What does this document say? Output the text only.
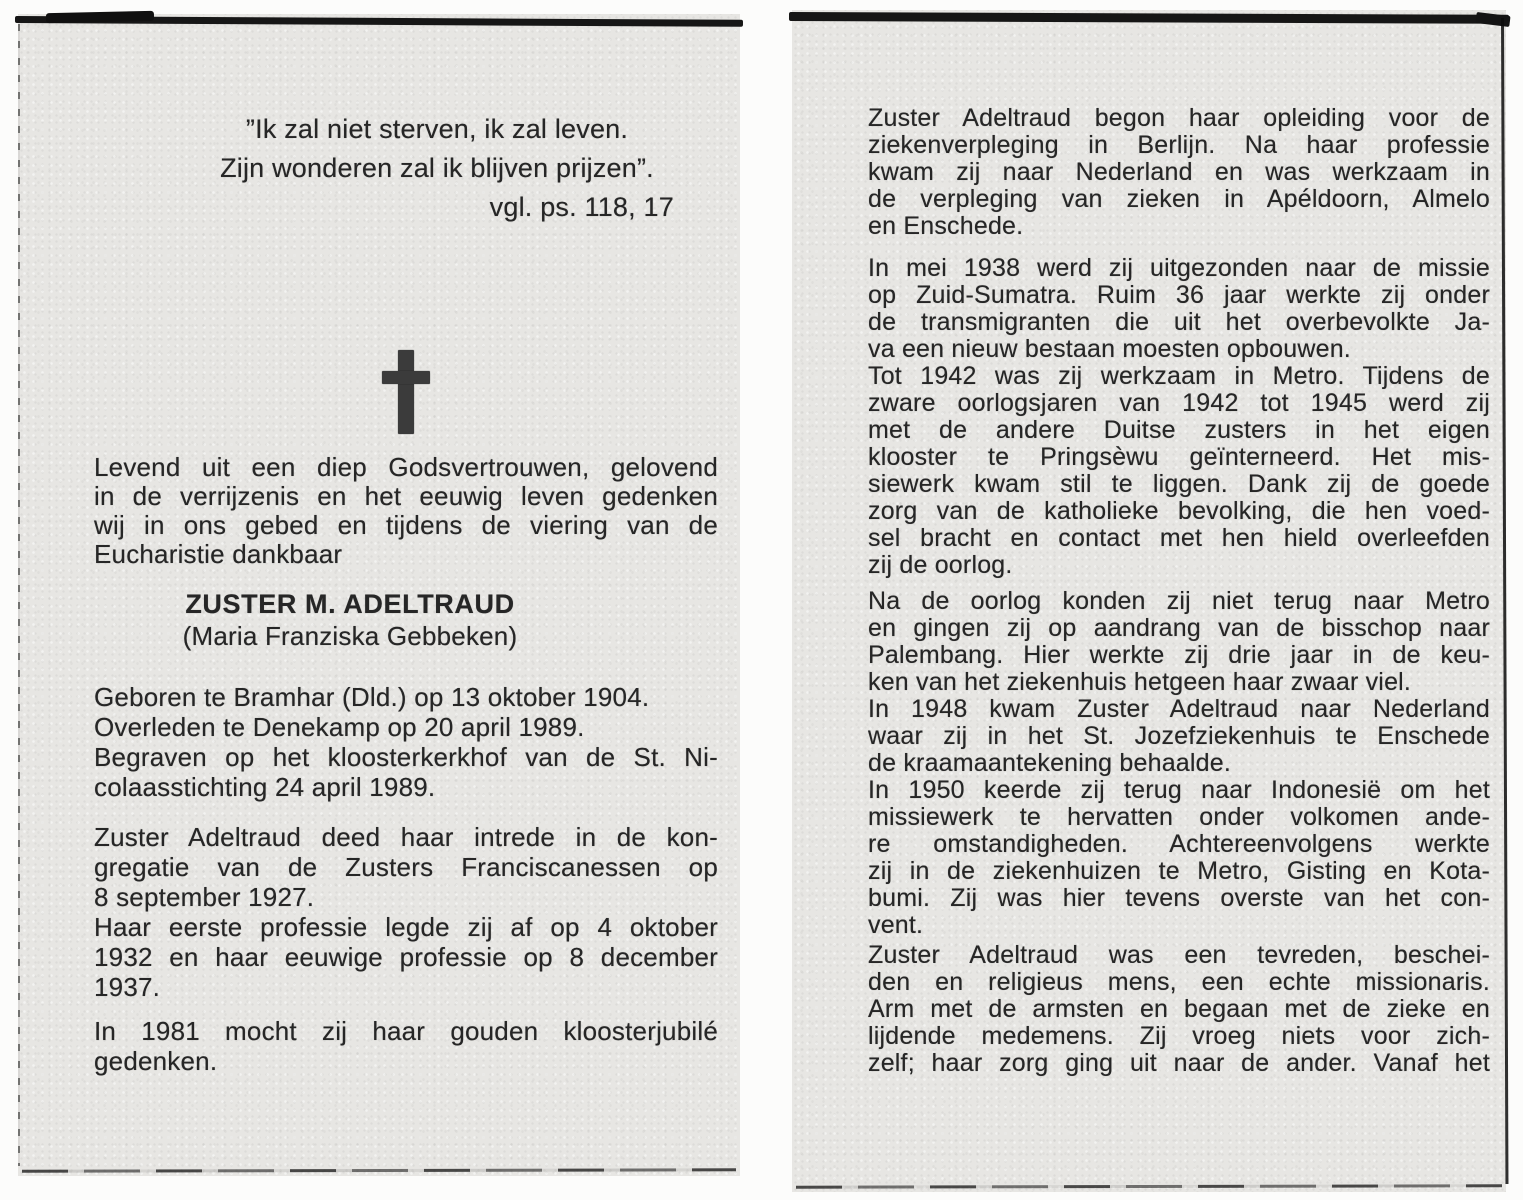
”Ik zal niet sterven, ik zal leven.
Zijn wonderen zal ik blijven prijzen”.
vgl. ps. 118, 17
Levend uit een diep Godsvertrouwen, gelovend
in de verrijzenis en het eeuwig leven gedenken
wij in ons gebed en tijdens de viering van de
Eucharistie dankbaar
ZUSTER M. ADELTRAUD
(Maria Franziska Gebbeken)
Geboren te Bramhar (Dld.) op 13 oktober 1904.
Overleden te Denekamp op 20 april 1989.
Begraven op het kloosterkerkhof van de St. Ni-
colaasstichting 24 april 1989.
Zuster Adeltraud deed haar intrede in de kon-
gregatie van de Zusters Franciscanessen op
8 september 1927.
Haar eerste professie legde zij af op 4 oktober
1932 en haar eeuwige professie op 8 december
1937.
In 1981 mocht zij haar gouden kloosterjubilé
gedenken.
Zuster Adeltraud begon haar opleiding voor de
ziekenverpleging in Berlijn. Na haar professie
kwam zij naar Nederland en was werkzaam in
de verpleging van zieken in Apéldoorn, Almelo
en Enschede.
In mei 1938 werd zij uitgezonden naar de missie
op Zuid-Sumatra. Ruim 36 jaar werkte zij onder
de transmigranten die uit het overbevolkte Ja-
va een nieuw bestaan moesten opbouwen.
Tot 1942 was zij werkzaam in Metro. Tijdens de
zware oorlogsjaren van 1942 tot 1945 werd zij
met de andere Duitse zusters in het eigen
klooster te Pringsèwu geïnterneerd. Het mis-
siewerk kwam stil te liggen. Dank zij de goede
zorg van de katholieke bevolking, die hen voed-
sel bracht en contact met hen hield overleefden
zij de oorlog.
Na de oorlog konden zij niet terug naar Metro
en gingen zij op aandrang van de bisschop naar
Palembang. Hier werkte zij drie jaar in de keu-
ken van het ziekenhuis hetgeen haar zwaar viel.
In 1948 kwam Zuster Adeltraud naar Nederland
waar zij in het St. Jozefziekenhuis te Enschede
de kraamaantekening behaalde.
In 1950 keerde zij terug naar Indonesië om het
missiewerk te hervatten onder volkomen ande-
re omstandigheden. Achtereenvolgens werkte
zij in de ziekenhuizen te Metro, Gisting en Kota-
bumi. Zij was hier tevens overste van het con-
vent.
Zuster Adeltraud was een tevreden, beschei-
den en religieus mens, een echte missionaris.
Arm met de armsten en begaan met de zieke en
lijdende medemens. Zij vroeg niets voor zich-
zelf; haar zorg ging uit naar de ander. Vanaf het
